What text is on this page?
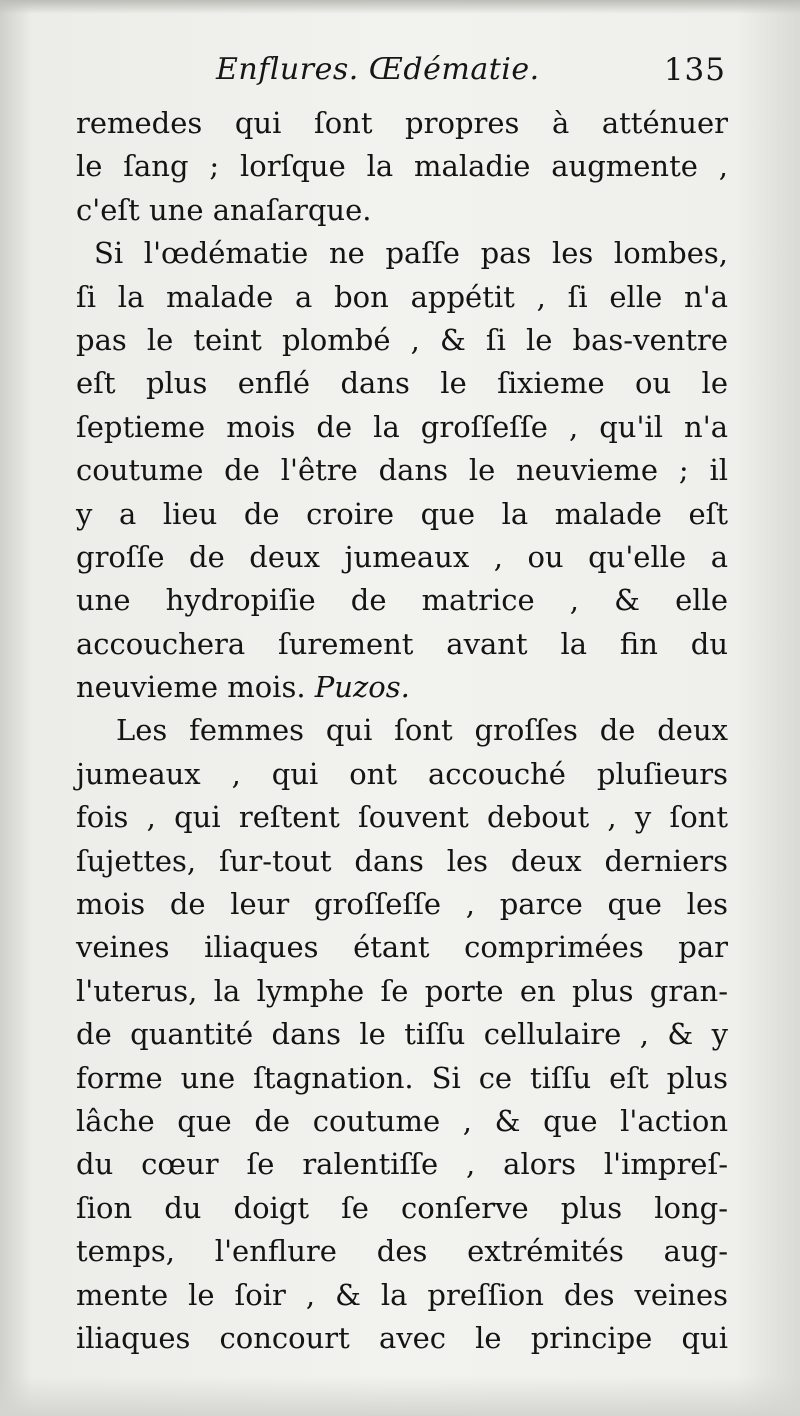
Enflures. Œdématie.	135
remedes qui ſont propres à atténuer
le ſang ; lorſque la maladie augmente ,
c'eſt une anaſarque.
Si l'œdématie ne paſſe pas les lombes,
ſi la malade a bon appétit , ſi elle n'a
pas le teint plombé , & ſi le bas-ventre
eſt plus enflé dans le ſixieme ou le
ſeptieme mois de la groſſeſſe , qu'il n'a
coutume de l'être dans le neuvieme ; il
y a lieu de croire que la malade eſt
groſſe de deux jumeaux , ou qu'elle a
une hydropiſie de matrice , & elle
accouchera ſurement avant la fin du
neuvieme mois. Puzos.
Les femmes qui ſont groſſes de deux
jumeaux , qui ont accouché pluſieurs
fois , qui reſtent ſouvent debout , y ſont
ſujettes, ſur-tout dans les deux derniers
mois de leur groſſeſſe , parce que les
veines iliaques étant comprimées par
l'uterus, la lymphe ſe porte en plus gran-
de quantité dans le tiſſu cellulaire , & y
forme une ſtagnation. Si ce tiſſu eſt plus
lâche que de coutume , & que l'action
du cœur ſe ralentiſſe , alors l'impreſ-
ſion du doigt ſe conſerve plus long-
temps, l'enflure des extrémités aug-
mente le ſoir , & la preſſion des veines
iliaques concourt avec le principe qui
